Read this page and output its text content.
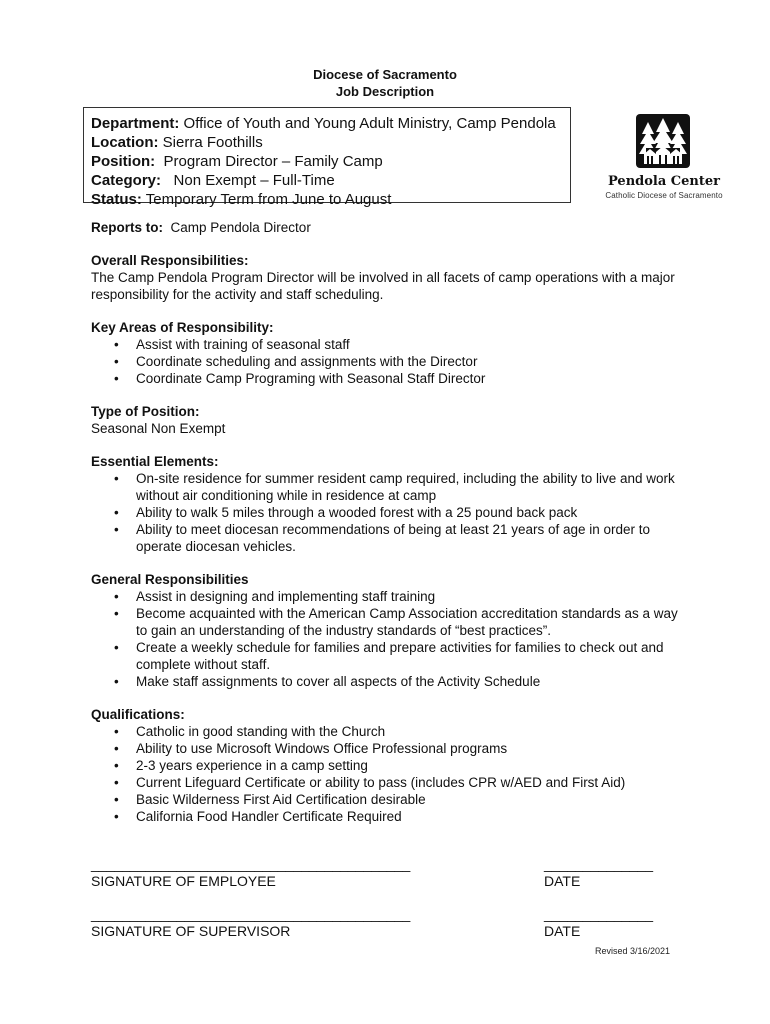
Diocese of Sacramento
Job Description
Department: Office of Youth and Young Adult Ministry, Camp Pendola
Location: Sierra Foothills
Position:  Program Director – Family Camp
Category:   Non Exempt – Full-Time
Status: Temporary Term from June to August
Pendola Center
Catholic Diocese of Sacramento
Reports to:  Camp Pendola Director
Overall Responsibilities:
The Camp Pendola Program Director will be involved in all facets of camp operations with a major responsibility for the activity and staff scheduling.
Key Areas of Responsibility:
• Assist with training of seasonal staff
• Coordinate scheduling and assignments with the Director
• Coordinate Camp Programing with Seasonal Staff Director
Type of Position:
Seasonal Non Exempt
Essential Elements:
• On-site residence for summer resident camp required, including the ability to live and work without air conditioning while in residence at camp
• Ability to walk 5 miles through a wooded forest with a 25 pound back pack
• Ability to meet diocesan recommendations of being at least 21 years of age in order to operate diocesan vehicles.
General Responsibilities
• Assist in designing and implementing staff training
• Become acquainted with the American Camp Association accreditation standards as a way to gain an understanding of the industry standards of “best practices”.
• Create a weekly schedule for families and prepare activities for families to check out and complete without staff.
• Make staff assignments to cover all aspects of the Activity Schedule
Qualifications:
• Catholic in good standing with the Church
• Ability to use Microsoft Windows Office Professional programs
• 2-3 years experience in a camp setting
• Current Lifeguard Certificate or ability to pass (includes CPR w/AED and First Aid)
• Basic Wilderness First Aid Certification desirable
• California Food Handler Certificate Required
_________________________________________
SIGNATURE OF EMPLOYEE
______________
DATE
_________________________________________
SIGNATURE OF SUPERVISOR
______________
DATE
Revised 3/16/2021
